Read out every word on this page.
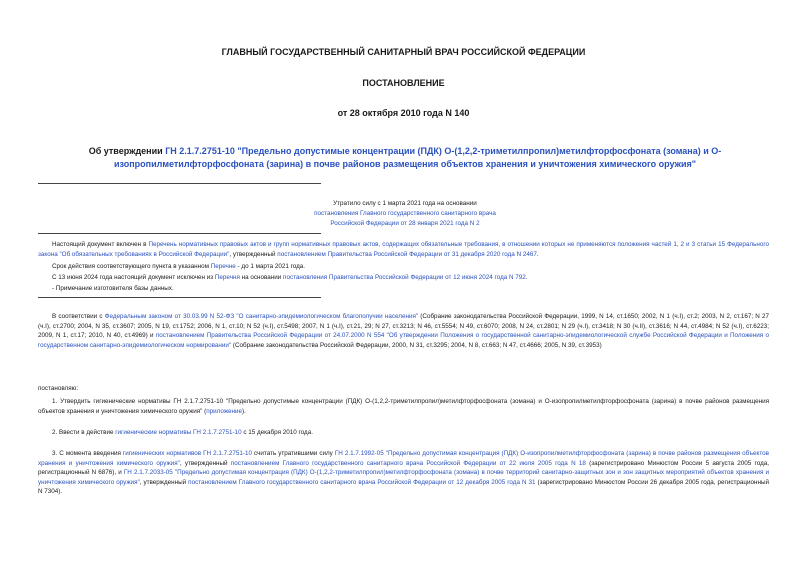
ГЛАВНЫЙ ГОСУДАРСТВЕННЫЙ САНИТАРНЫЙ ВРАЧ РОССИЙСКОЙ ФЕДЕРАЦИИ
ПОСТАНОВЛЕНИЕ
от 28 октября 2010 года N 140
Об утверждении ГН 2.1.7.2751-10 "Предельно допустимые концентрации (ПДК) О-(1,2,2-триметилпропил)метилфторфосфоната (зомана) и О-изопропилметилфторфосфоната (зарина) в почве районов размещения объектов хранения и уничтожения химического оружия"
Утратило силу с 1 марта 2021 года на основании
постановления Главного государственного санитарного врача
Российской Федерации от 28 января 2021 года N 2
Настоящий документ включен в Перечень нормативных правовых актов и групп нормативных правовых актов, содержащих обязательные требования, в отношении которых не применяются положения частей 1, 2 и 3 статьи 15 Федерального закона "Об обязательных требованиях в Российской Федерации", утвержденный постановлением Правительства Российской Федерации от 31 декабря 2020 года N 2467.
Срок действия соответствующего пункта в указанном Перечне - до 1 марта 2021 года.
С 13 июня 2024 года настоящий документ исключен из Перечня на основании постановления Правительства Российской Федерации от 12 июня 2024 года N 792.
- Примечание изготовителя базы данных.
В соответствии с Федеральным законом от 30.03.99 N 52-ФЗ "О санитарно-эпидемиологическом благополучии населения" (Собрание законодательства Российской Федерации, 1999, N 14, ст.1650; 2002, N 1 (ч.I), ст.2; 2003, N 2, ст.167; N 27 (ч.I), ст.2700; 2004, N 35, ст.3607; 2005, N 19, ст.1752; 2006, N 1, ст.10; N 52 (ч.I), ст.5498; 2007, N 1 (ч.I), ст.21, 29; N 27, ст.3213; N 46, ст.5554; N 49, ст.6070; 2008, N 24, ст.2801; N 29 (ч.I), ст.3418; N 30 (ч.II), ст.3616; N 44, ст.4984; N 52 (ч.I), ст.6223; 2009, N 1, ст.17; 2010, N 40, ст.4969) и постановлением Правительства Российской Федерации от 24.07.2000 N 554 "Об утверждении Положения о государственной санитарно-эпидемиологической службе Российской Федерации и Положения о государственном санитарно-эпидемиологическом нормировании" (Собрание законодательства Российской Федерации, 2000, N 31, ст.3295; 2004, N 8, ст.663; N 47, ст.4666; 2005, N 39, ст.3953)
постановляю:
1. Утвердить гигиенические нормативы ГН 2.1.7.2751-10 "Предельно допустимые концентрации (ПДК) О-(1,2,2-триметилпропил)метилфторфосфоната (зомана) и О-изопропилметилфторфосфоната (зарина) в почве районов размещения объектов хранения и уничтожения химического оружия" (приложение).
2. Ввести в действие гигиенические нормативы ГН 2.1.7.2751-10 с 15 декабря 2010 года.
3. С момента введения гигиенических нормативов ГН 2.1.7.2751-10 считать утратившими силу ГН 2.1.7.1992-05 "Предельно допустимая концентрация (ПДК) О-изопропилметилфторфосфоната (зарина) в почве районов размещения объектов хранения и уничтожения химического оружия", утвержденный постановлением Главного государственного санитарного врача Российской Федерации от 22 июля 2005 года N 18 (зарегистрировано Минюстом России 5 августа 2005 года, регистрационный N 6876), и ГН 2.1.7.2033-05 "Предельно допустимая концентрация (ПДК) О-(1,2,2-триметилпропил)метилфторфосфоната (зомана) в почве территорий санитарно-защитных зон и зон защитных мероприятий объектов хранения и уничтожения химического оружия", утвержденный постановлением Главного государственного санитарного врача Российской Федерации от 12 декабря 2005 года N 31 (зарегистрировано Минюстом России 26 декабря 2005 года, регистрационный N 7304).
